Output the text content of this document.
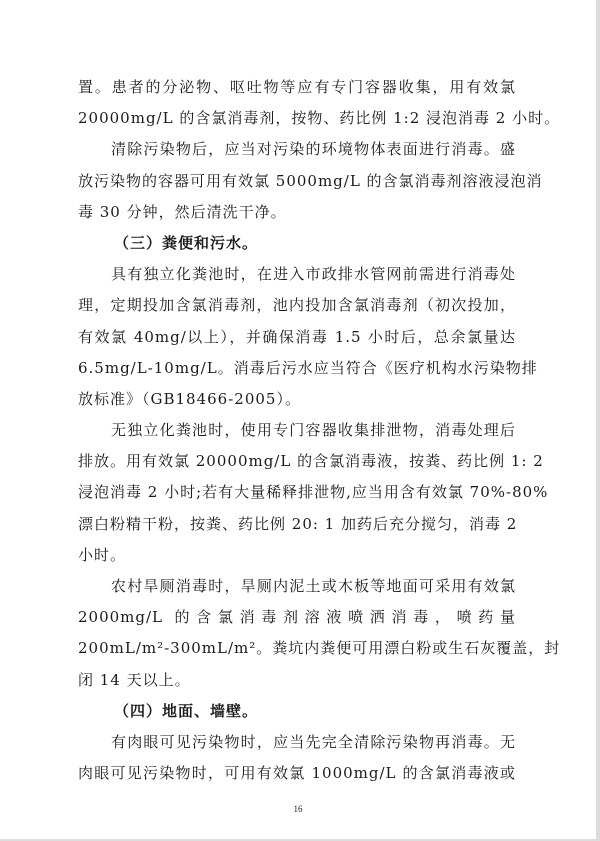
置。患者的分泌物、呕吐物等应有专门容器收集，用有效氯
20000mg/L 的含氯消毒剂，按物、药比例 1:2 浸泡消毒 2 小时。
清除污染物后，应当对污染的环境物体表面进行消毒。盛
放污染物的容器可用有效氯 5000mg/L 的含氯消毒剂溶液浸泡消
毒 30 分钟，然后清洗干净。
（三）粪便和污水。
具有独立化粪池时，在进入市政排水管网前需进行消毒处
理，定期投加含氯消毒剂，池内投加含氯消毒剂（初次投加，
有效氯 40mg/以上），并确保消毒 1.5 小时后，总余氯量达
6.5mg/L-10mg/L。消毒后污水应当符合《医疗机构水污染物排
放标准》（GB18466-2005）。
无独立化粪池时，使用专门容器收集排泄物，消毒处理后
排放。用有效氯 20000mg/L 的含氯消毒液，按粪、药比例 1: 2
浸泡消毒 2 小时;若有大量稀释排泄物,应当用含有效氯 70%-80%
漂白粉精干粉，按粪、药比例 20: 1 加药后充分搅匀，消毒 2
小时。
农村旱厕消毒时，旱厕内泥土或木板等地面可采用有效氯
2000mg/L 的含氯消毒剂溶液喷洒消毒，喷药量
200mL/m²-300mL/m²。粪坑内粪便可用漂白粉或生石灰覆盖，封
闭 14 天以上。
（四）地面、墙壁。
有肉眼可见污染物时，应当先完全清除污染物再消毒。无
肉眼可见污染物时，可用有效氯 1000mg/L 的含氯消毒液或
16
